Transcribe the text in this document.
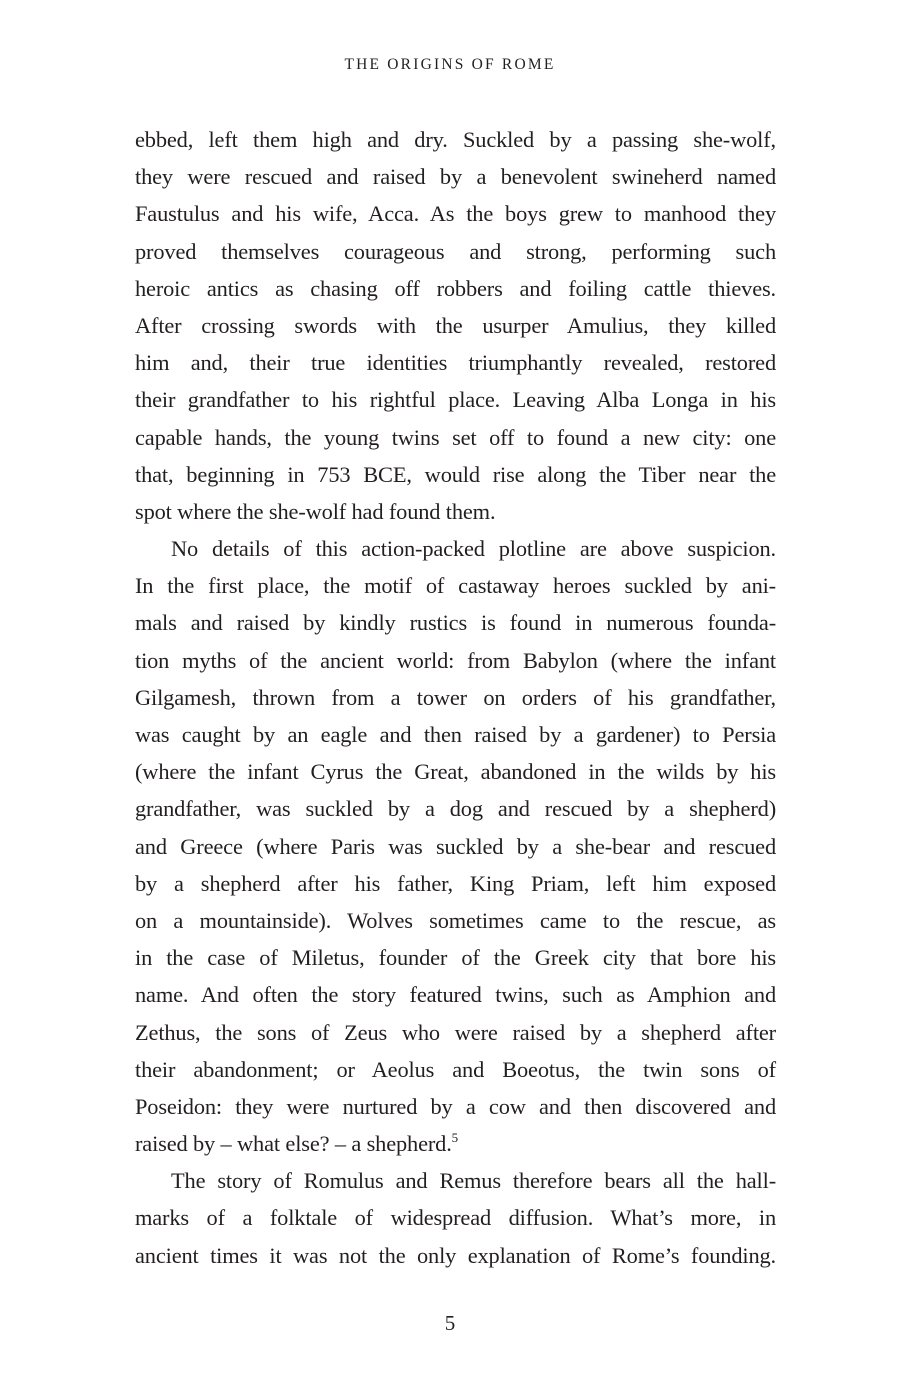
THE ORIGINS OF ROME
ebbed, left them high and dry. Suckled by a passing she-wolf,
they were rescued and raised by a benevolent swineherd named
Faustulus and his wife, Acca. As the boys grew to manhood they
proved themselves courageous and strong, performing such
heroic antics as chasing off robbers and foiling cattle thieves.
After crossing swords with the usurper Amulius, they killed
him and, their true identities triumphantly revealed, restored
their grandfather to his rightful place. Leaving Alba Longa in his
capable hands, the young twins set off to found a new city: one
that, beginning in 753 BCE, would rise along the Tiber near the
spot where the she-wolf had found them.
No details of this action-packed plotline are above suspicion.
In the first place, the motif of castaway heroes suckled by ani-
mals and raised by kindly rustics is found in numerous founda-
tion myths of the ancient world: from Babylon (where the infant
Gilgamesh, thrown from a tower on orders of his grandfather,
was caught by an eagle and then raised by a gardener) to Persia
(where the infant Cyrus the Great, abandoned in the wilds by his
grandfather, was suckled by a dog and rescued by a shepherd)
and Greece (where Paris was suckled by a she-bear and rescued
by a shepherd after his father, King Priam, left him exposed
on a mountainside). Wolves sometimes came to the rescue, as
in the case of Miletus, founder of the Greek city that bore his
name. And often the story featured twins, such as Amphion and
Zethus, the sons of Zeus who were raised by a shepherd after
their abandonment; or Aeolus and Boeotus, the twin sons of
Poseidon: they were nurtured by a cow and then discovered and
raised by – what else? – a shepherd.$^5$
The story of Romulus and Remus therefore bears all the hall-
marks of a folktale of widespread diffusion. What’s more, in
ancient times it was not the only explanation of Rome’s founding.
5
